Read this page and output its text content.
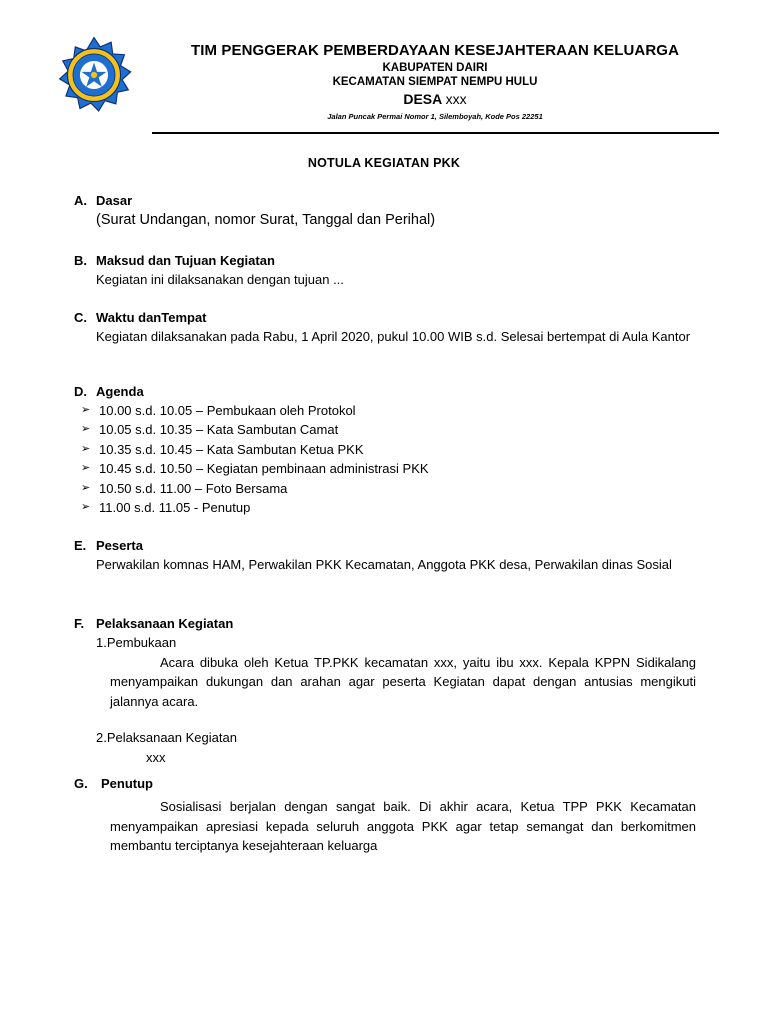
TIM PENGGERAK PEMBERDAYAAN KESEJAHTERAAN KELUARGA
KABUPATEN DAIRI
KECAMATAN SIEMPAT NEMPU HULU
DESA xxx
Jalan Puncak Permai Nomor 1, Silemboyah, Kode Pos 22251
NOTULA KEGIATAN PKK
A. Dasar
(Surat Undangan, nomor Surat, Tanggal dan Perihal)
B. Maksud dan Tujuan Kegiatan
Kegiatan ini dilaksanakan dengan tujuan ...
C. Waktu danTempat
Kegiatan dilaksanakan pada Rabu, 1 April 2020, pukul 10.00 WIB s.d. Selesai bertempat di Aula Kantor
D. Agenda
➢ 10.00 s.d. 10.05 – Pembukaan oleh Protokol
➢ 10.05 s.d. 10.35 – Kata Sambutan Camat
➢ 10.35 s.d. 10.45 – Kata Sambutan Ketua PKK
➢ 10.45 s.d. 10.50 – Kegiatan pembinaan administrasi PKK
➢ 10.50 s.d. 11.00 – Foto Bersama
➢ 11.00 s.d. 11.05 - Penutup
E. Peserta
Perwakilan komnas HAM, Perwakilan PKK Kecamatan, Anggota PKK desa, Perwakilan dinas Sosial
F. Pelaksanaan Kegiatan
1.Pembukaan
Acara dibuka oleh Ketua TP.PKK kecamatan xxx, yaitu ibu xxx. Kepala KPPN Sidikalang menyampaikan dukungan dan arahan agar peserta Kegiatan dapat dengan antusias mengikuti jalannya acara.
2.Pelaksanaan Kegiatan
xxx
G.	Penutup
Sosialisasi berjalan dengan sangat baik. Di akhir acara, Ketua TPP PKK Kecamatan menyampaikan apresiasi kepada seluruh anggota PKK agar tetap semangat dan berkomitmen membantu terciptanya kesejahteraan keluarga
